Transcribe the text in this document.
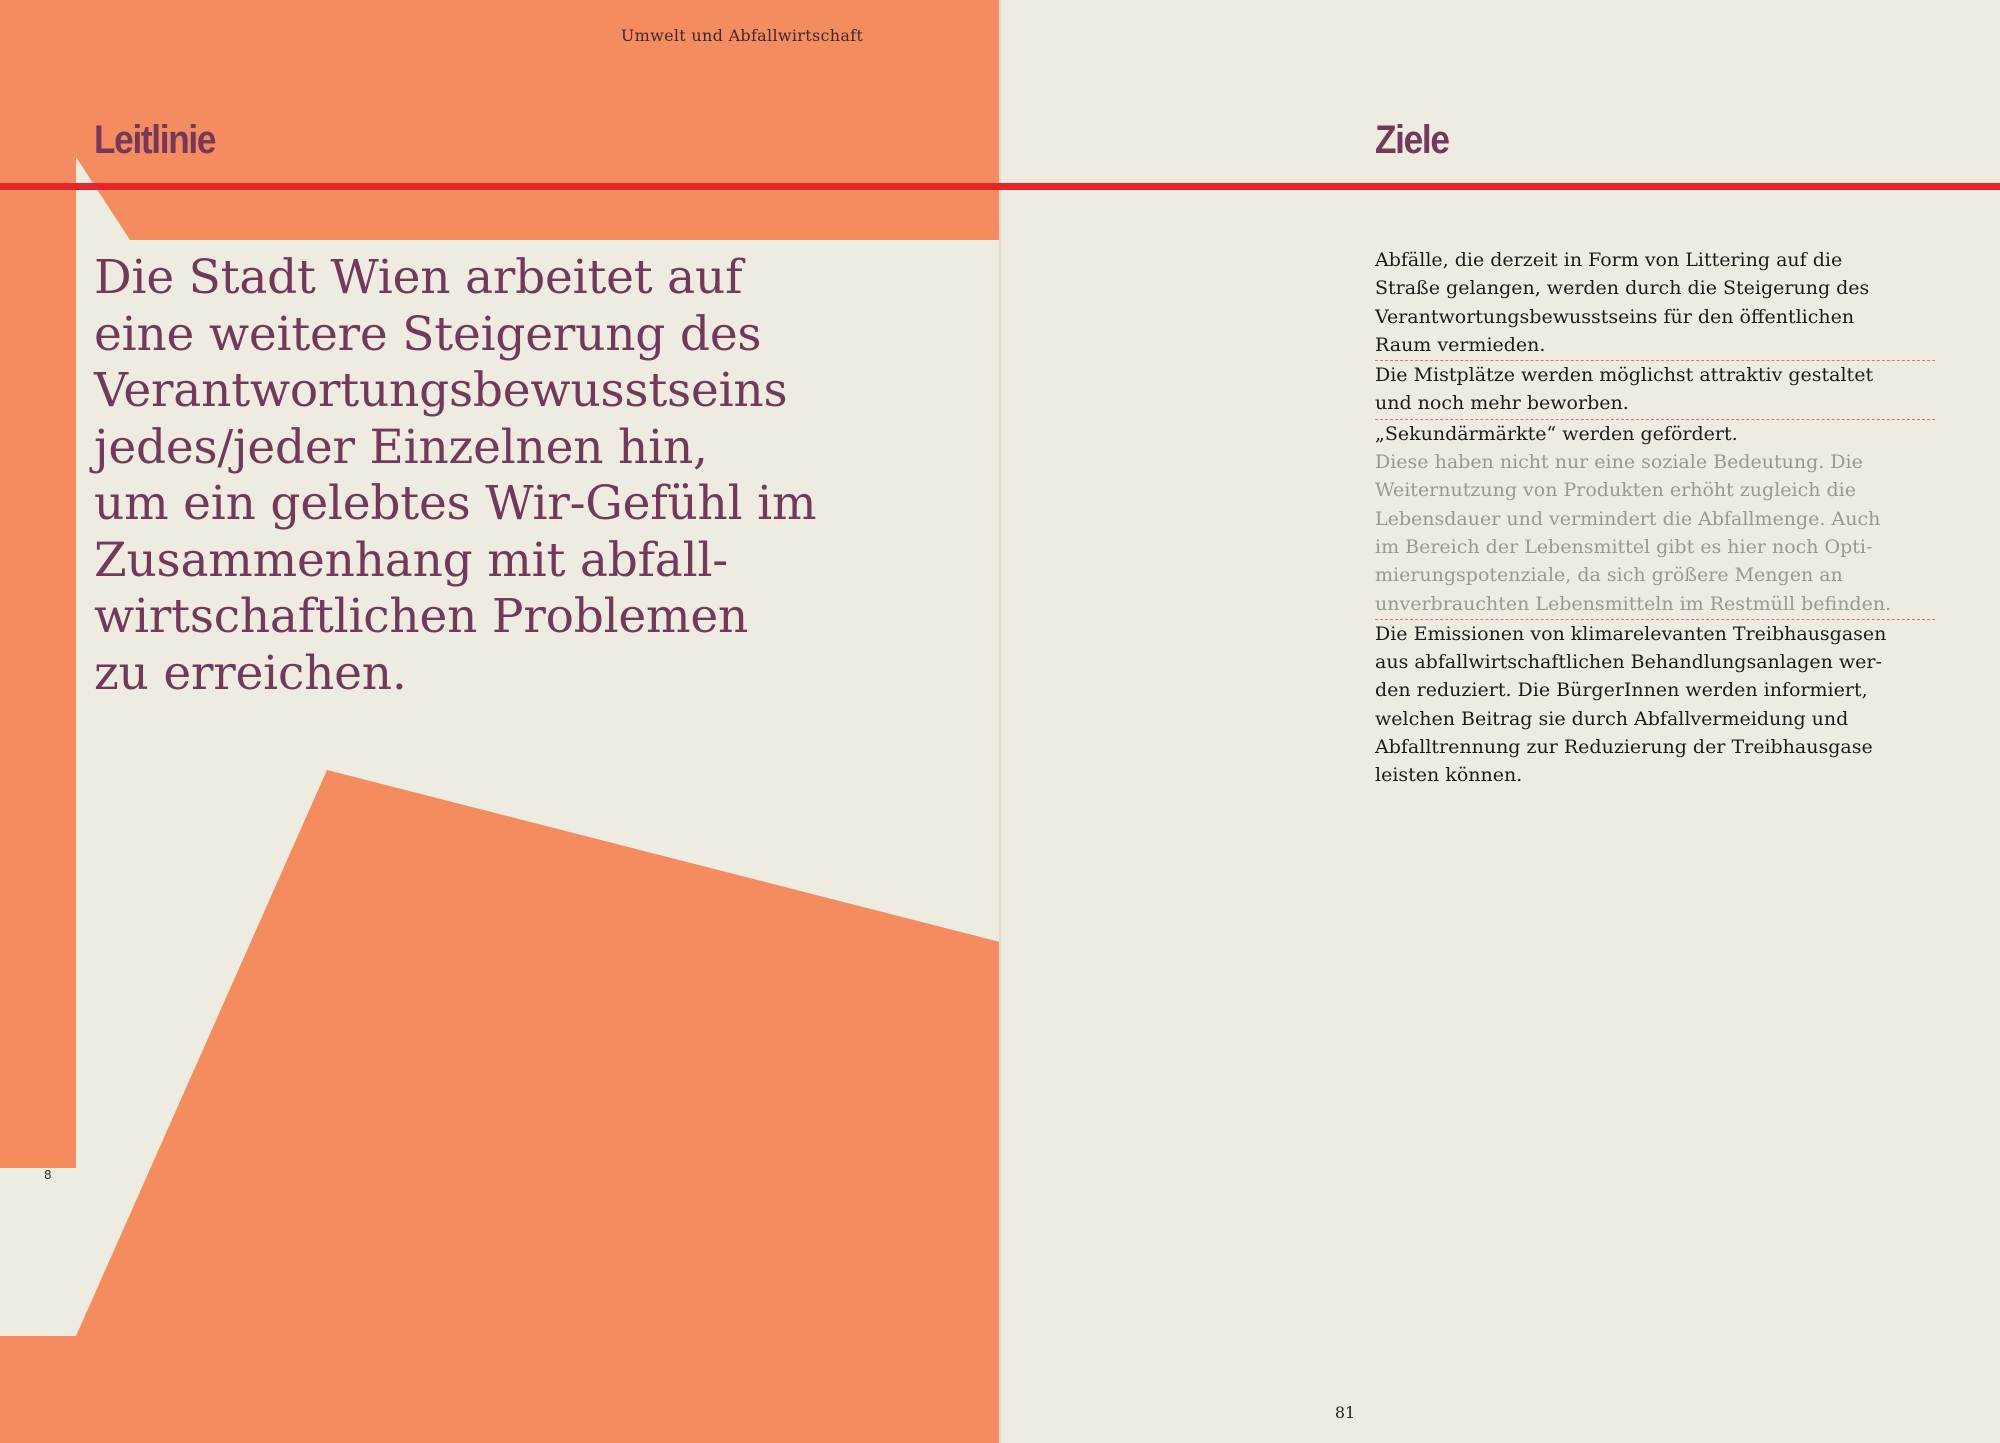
Umwelt und Abfallwirtschaft

Leitlinie
Die Stadt Wien arbeitet auf
eine weitere Steigerung des
Verantwortungsbewusstseins
jedes/jeder Einzelnen hin,
um ein gelebtes Wir-Gefühl im
Zusammenhang mit abfall-
wirtschaftlichen Problemen
zu erreichen.
8
Ziele
Abfälle, die derzeit in Form von Littering auf die
Straße gelangen, werden durch die Steigerung des
Verantwortungsbewusstseins für den öffentlichen
Raum vermieden.
Die Mistplätze werden möglichst attraktiv gestaltet
und noch mehr beworben.
„Sekundärmärkte“ werden gefördert.
Diese haben nicht nur eine soziale Bedeutung. Die
Weiternutzung von Produkten erhöht zugleich die
Lebensdauer und vermindert die Abfallmenge. Auch
im Bereich der Lebensmittel gibt es hier noch Opti-
mierungspotenziale, da sich größere Mengen an
unverbrauchten Lebensmitteln im Restmüll befinden.
Die Emissionen von klimarelevanten Treibhausgasen
aus abfallwirtschaftlichen Behandlungsanlagen wer-
den reduziert. Die BürgerInnen werden informiert,
welchen Beitrag sie durch Abfallvermeidung und
Abfalltrennung zur Reduzierung der Treibhausgase
leisten können.
81
